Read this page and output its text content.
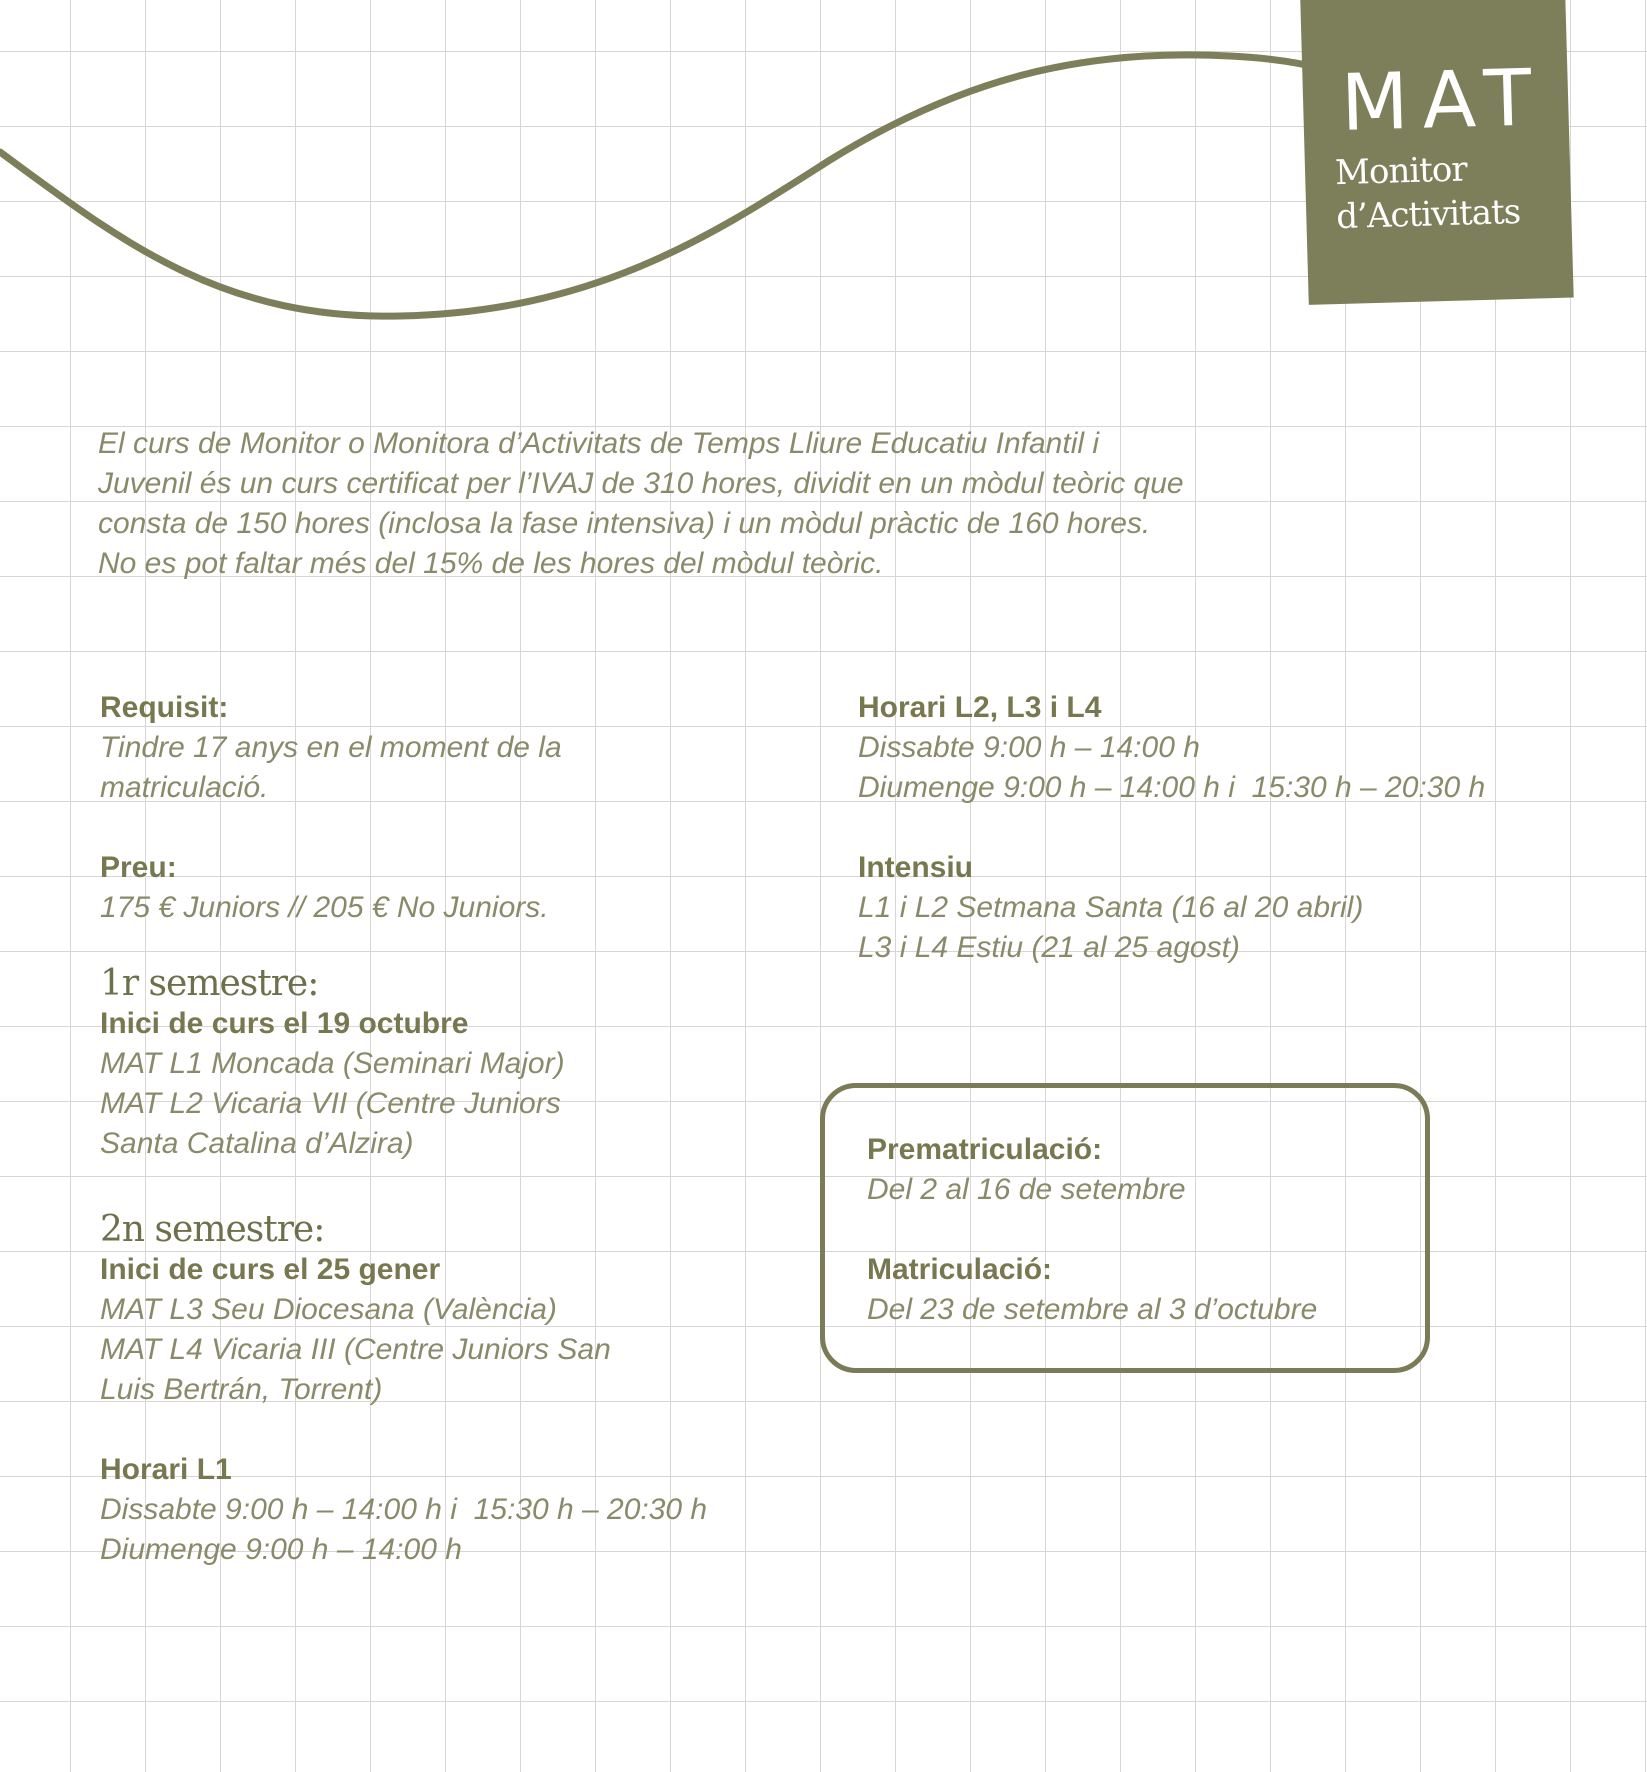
MAT
Monitor
d’Activitats

El curs de Monitor o Monitora d’Activitats de Temps Lliure Educatiu Infantil i

Juvenil és un curs certificat per l’IVAJ de 310 hores, dividit en un mòdul teòric que

consta de 150 hores (inclosa la fase intensiva) i un mòdul pràctic de 160 hores.

No es pot faltar més del 15% de les hores del mòdul teòric.

Requisit:
Tindre 17 anys en el moment de la
matriculació.
Preu:
175 € Juniors // 205 € No Juniors.
1r semestre:
Inici de curs el 19 octubre
MAT L1 Moncada (Seminari Major)
MAT L2 Vicaria VII (Centre Juniors
Santa Catalina d’Alzira)
2n semestre:
Inici de curs el 25 gener
MAT L3 Seu Diocesana (València)
MAT L4 Vicaria III (Centre Juniors San
Luis Bertrán, Torrent)
Horari L1
Dissabte 9:00 h – 14:00 h i  15:30 h – 20:30 h
Diumenge 9:00 h – 14:00 h
Horari L2, L3 i L4
Dissabte 9:00 h – 14:00 h
Diumenge 9:00 h – 14:00 h i  15:30 h – 20:30 h
Intensiu
L1 i L2 Setmana Santa (16 al 20 abril)
L3 i L4 Estiu (21 al 25 agost)
Prematriculació:
Del 2 al 16 de setembre
Matriculació:
Del 23 de setembre al 3 d’octubre
